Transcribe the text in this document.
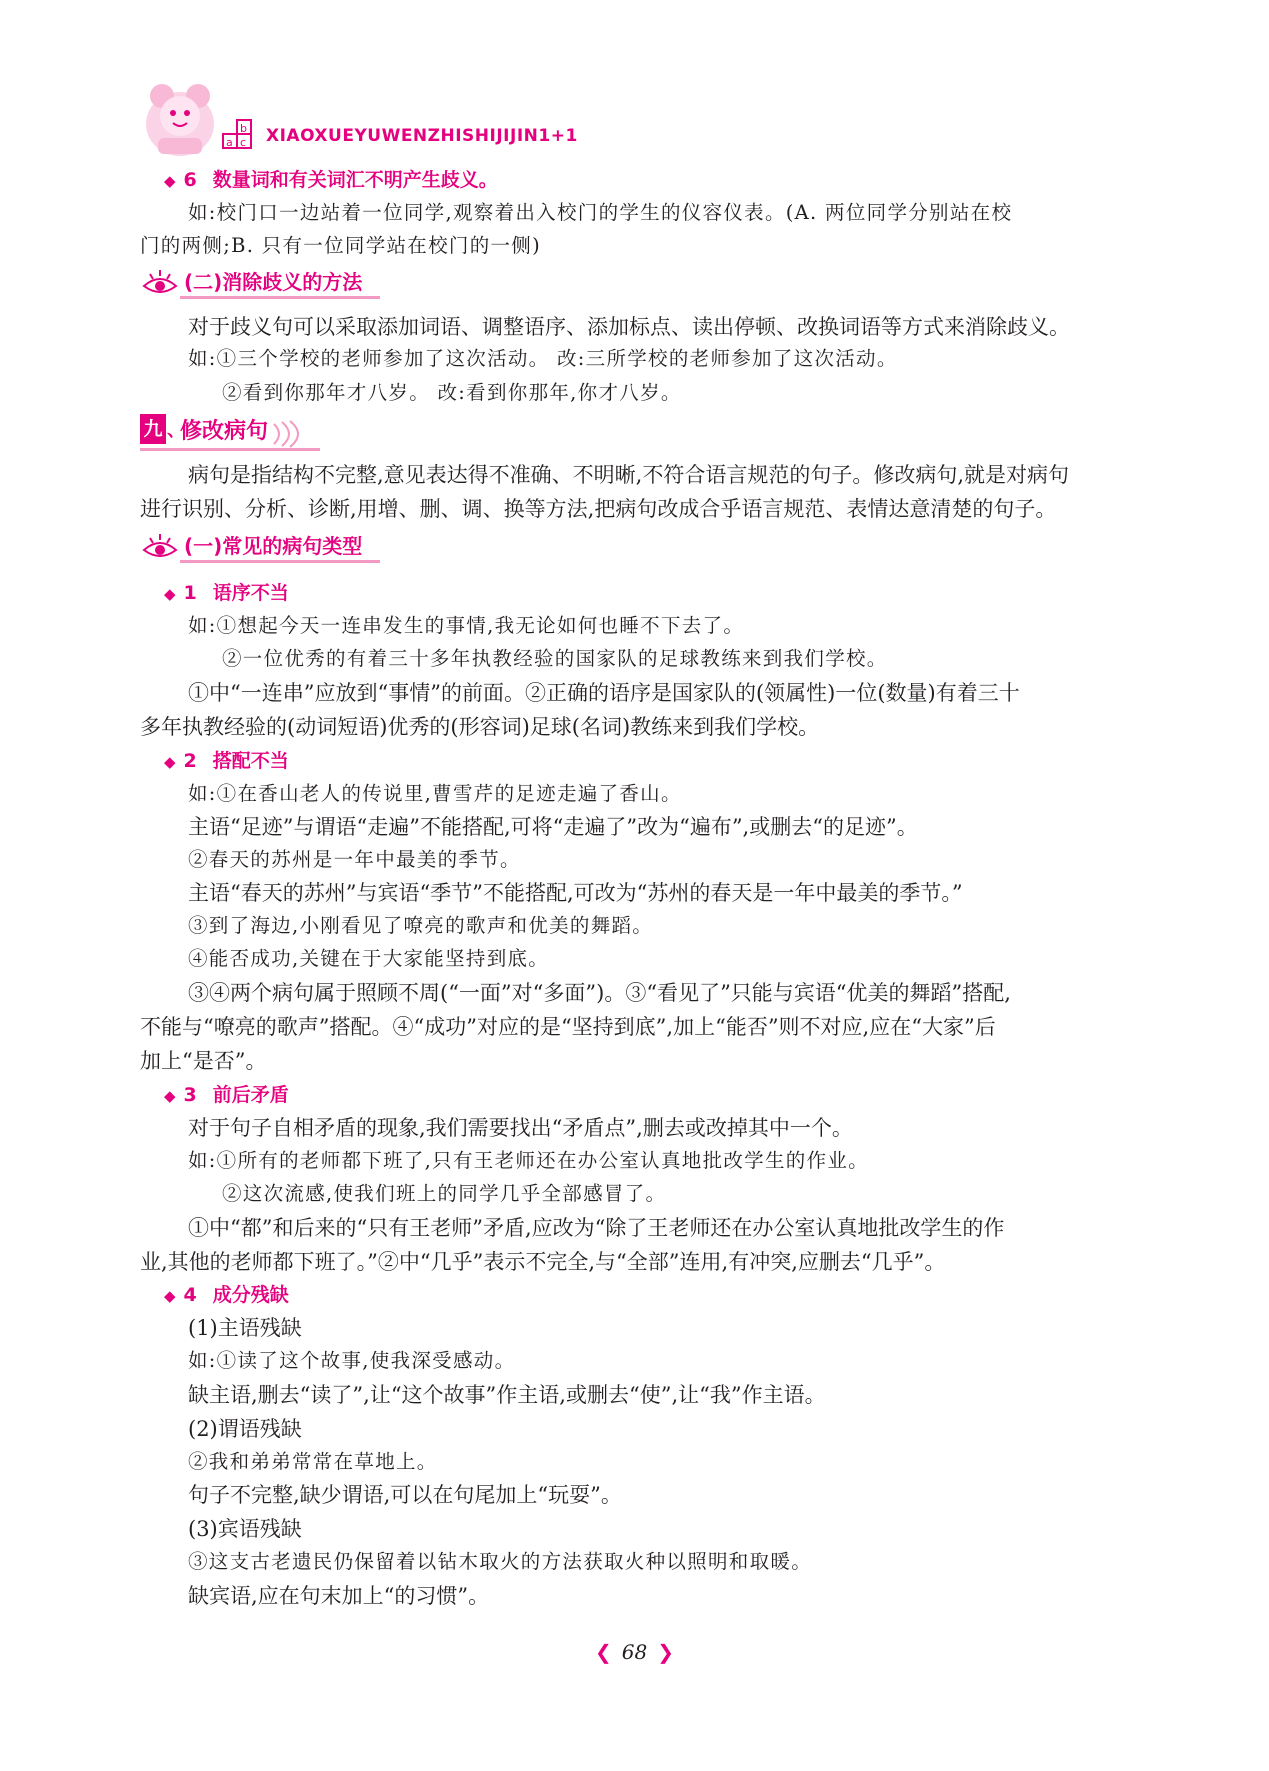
a
b
c XIAOXUEYUWENZHISHIJIJIN1+1
◆ 6 数量词和有关词汇不明产生歧义。
如:校门口一边站着一位同学,观察着出入校门的学生的仪容仪表。(A. 两位同学分别站在校
门的两侧;B. 只有一位同学站在校门的一侧)
(二)消除歧义的方法
对于歧义句可以采取添加词语、调整语序、添加标点、读出停顿、改换词语等方式来消除歧义。
如:①三个学校的老师参加了这次活动。 改:三所学校的老师参加了这次活动。
②看到你那年才八岁。 改:看到你那年,你才八岁。
九 、
修改病句
病句是指结构不完整,意见表达得不准确、不明晰,不符合语言规范的句子。修改病句,就是对病句
进行识别、分析、诊断,用增、删、调、换等方法,把病句改成合乎语言规范、表情达意清楚的句子。
(一)常见的病句类型
◆ 1 语序不当
如:①想起今天一连串发生的事情,我无论如何也睡不下去了。
②一位优秀的有着三十多年执教经验的国家队的足球教练来到我们学校。
①中“一连串”应放到“事情”的前面。②正确的语序是国家队的(领属性)一位(数量)有着三十
多年执教经验的(动词短语)优秀的(形容词)足球(名词)教练来到我们学校。
◆ 2 搭配不当
如:①在香山老人的传说里,曹雪芹的足迹走遍了香山。
主语“足迹”与谓语“走遍”不能搭配,可将“走遍了”改为“遍布”,或删去“的足迹”。
②春天的苏州是一年中最美的季节。
主语“春天的苏州”与宾语“季节”不能搭配,可改为“苏州的春天是一年中最美的季节。”
③到了海边,小刚看见了嘹亮的歌声和优美的舞蹈。
④能否成功,关键在于大家能坚持到底。
③④两个病句属于照顾不周(“一面”对“多面”)。③“看见了”只能与宾语“优美的舞蹈”搭配,
不能与“嘹亮的歌声”搭配。④“成功”对应的是“坚持到底”,加上“能否”则不对应,应在“大家”后
加上“是否”。
◆ 3 前后矛盾
对于句子自相矛盾的现象,我们需要找出“矛盾点”,删去或改掉其中一个。
如:①所有的老师都下班了,只有王老师还在办公室认真地批改学生的作业。
②这次流感,使我们班上的同学几乎全部感冒了。
①中“都”和后来的“只有王老师”矛盾,应改为“除了王老师还在办公室认真地批改学生的作
业,其他的老师都下班了。”②中“几乎”表示不完全,与“全部”连用,有冲突,应删去“几乎”。
◆ 4 成分残缺
(1)主语残缺
如:①读了这个故事,使我深受感动。
缺主语,删去“读了”,让“这个故事”作主语,或删去“使”,让“我”作主语。
(2)谓语残缺
②我和弟弟常常在草地上。
句子不完整,缺少谓语,可以在句尾加上“玩耍”。
(3)宾语残缺
③这支古老遗民仍保留着以钻木取火的方法获取火种以照明和取暖。
缺宾语,应在句末加上“的习惯”。
❮ 68 ❯
